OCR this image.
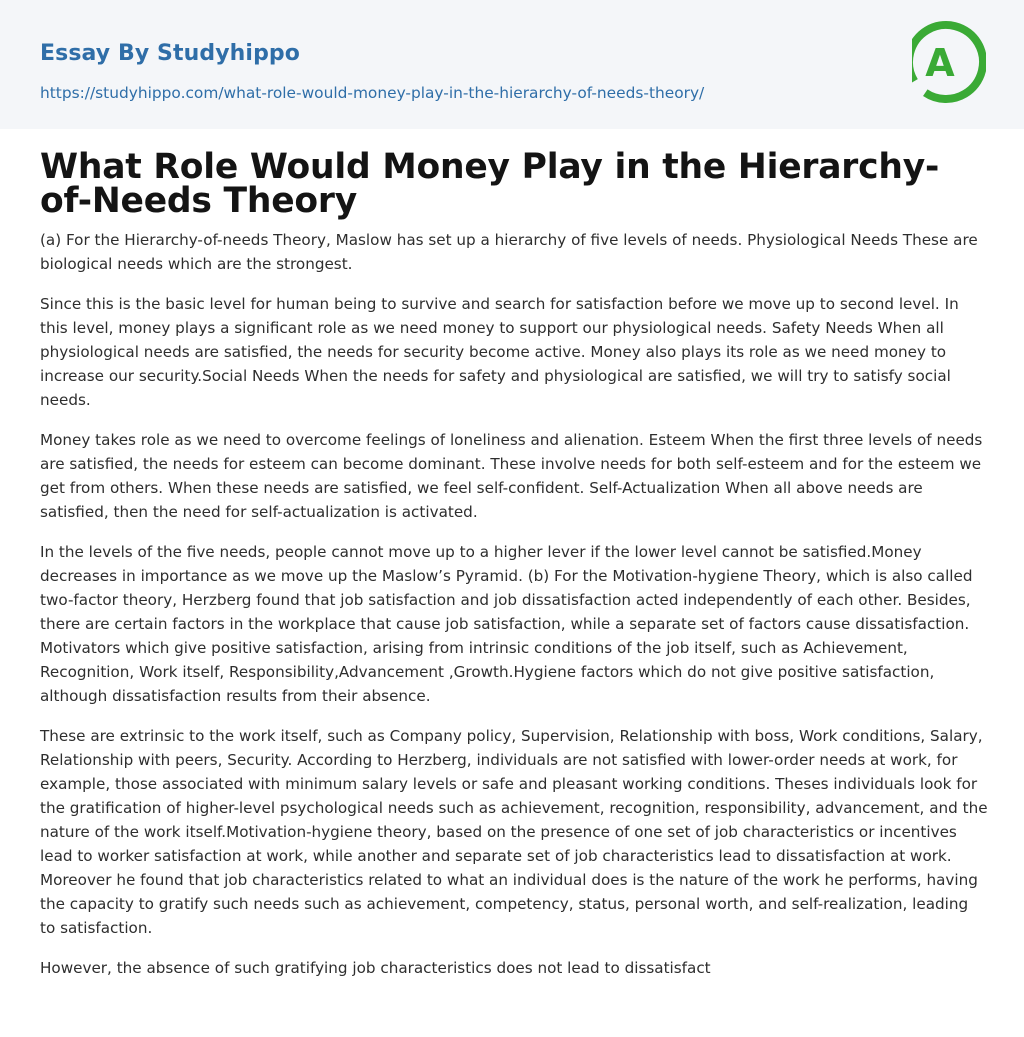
Essay By Studyhippo
https://studyhippo.com/what-role-would-money-play-in-the-hierarchy-of-needs-theory/
A
What Role Would Money Play in the Hierarchy-of-Needs Theory

(a) For the Hierarchy-of-needs Theory, Maslow has set up a hierarchy of five levels of needs. Physiological Needs These are biological needs which are the strongest.

Since this is the basic level for human being to survive and search for satisfaction before we move up to second level. In this level, money plays a significant role as we need money to support our physiological needs. Safety Needs When all physiological needs are satisfied, the needs for security become active. Money also plays its role as we need money to increase our security.Social Needs When the needs for safety and physiological are satisfied, we will try to satisfy social needs.

Money takes role as we need to overcome feelings of loneliness and alienation. Esteem When the first three levels of needs are satisfied, the needs for esteem can become dominant. These involve needs for both self-esteem and for the esteem we get from others. When these needs are satisfied, we feel self-confident. Self-Actualization When all above needs are satisfied, then the need for self-actualization is activated.

In the levels of the five needs, people cannot move up to a higher lever if the lower level cannot be satisfied.Money decreases in importance as we move up the Maslow’s Pyramid. (b) For the Motivation-hygiene Theory, which is also called two-factor theory, Herzberg found that job satisfaction and job dissatisfaction acted independently of each other. Besides, there are certain factors in the workplace that cause job satisfaction, while a separate set of factors cause dissatisfaction. Motivators which give positive satisfaction, arising from intrinsic conditions of the job itself, such as Achievement, Recognition, Work itself, Responsibility,Advancement ,Growth.Hygiene factors which do not give positive satisfaction, although dissatisfaction results from their absence.

These are extrinsic to the work itself, such as Company policy, Supervision, Relationship with boss, Work conditions, Salary, Relationship with peers, Security. According to Herzberg, individuals are not satisfied with lower-order needs at work, for example, those associated with minimum salary levels or safe and pleasant working conditions. Theses individuals look for the gratification of higher-level psychological needs such as achievement, recognition, responsibility, advancement, and the nature of the work itself.Motivation-hygiene theory, based on the presence of one set of job characteristics or incentives lead to worker satisfaction at work, while another and separate set of job characteristics lead to dissatisfaction at work. Moreover he found that job characteristics related to what an individual does is the nature of the work he performs, having the capacity to gratify such needs such as achievement, competency, status, personal worth, and self-realization, leading to satisfaction.

However, the absence of such gratifying job characteristics does not lead to dissatisfact
